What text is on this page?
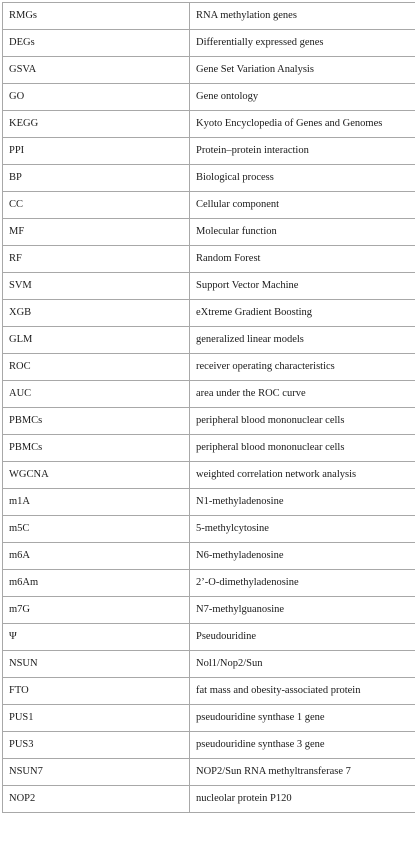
RMGs	RNA methylation genes
DEGs	Differentially expressed genes
GSVA	Gene Set Variation Analysis
GO	Gene ontology
KEGG	Kyoto Encyclopedia of Genes and Genomes
PPI	Protein–protein interaction
BP	Biological process
CC	Cellular component
MF	Molecular function
RF	Random Forest
SVM	Support Vector Machine
XGB	eXtreme Gradient Boosting
GLM	generalized linear models
ROC	receiver operating characteristics
AUC	area under the ROC curve
PBMCs	peripheral blood mononuclear cells
PBMCs	peripheral blood mononuclear cells
WGCNA	weighted correlation network analysis
m1A	N1-methyladenosine
m5C	5-methylcytosine
m6A	N6-methyladenosine
m6Am	2’-O-dimethyladenosine
m7G	N7-methylguanosine
Ψ	Pseudouridine
NSUN	Nol1/Nop2/Sun
FTO	fat mass and obesity-associated protein
PUS1	pseudouridine synthase 1 gene
PUS3	pseudouridine synthase 3 gene
NSUN7	NOP2/Sun RNA methyltransferase 7
NOP2	nucleolar protein P120
